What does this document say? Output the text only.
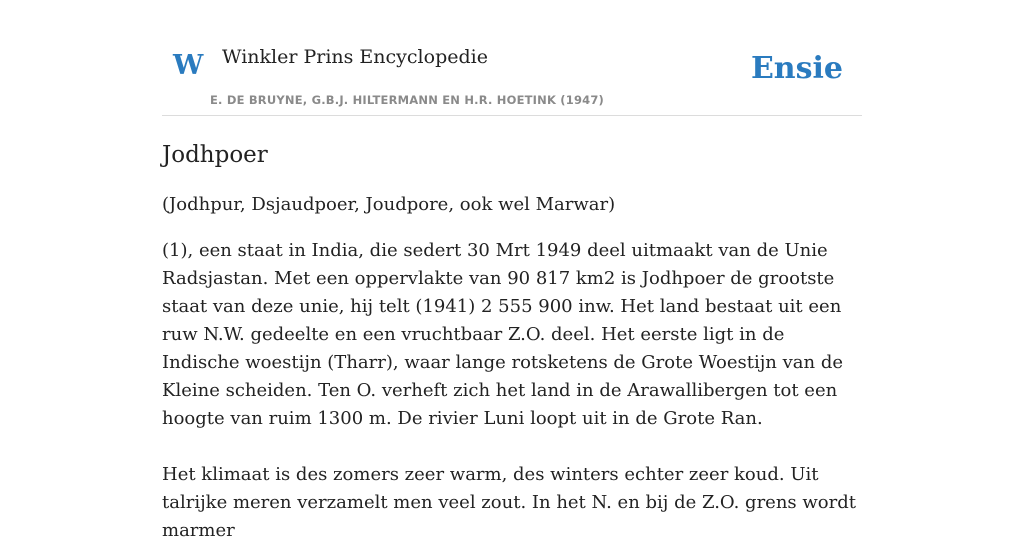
W Winkler Prins Encyclopedie
E. DE BRUYNE, G.B.J. HILTERMANN EN H.R. HOETINK (1947)
Ensie
Jodhpoer

(Jodhpur, Dsjaudpoer, Joudpore, ook wel Marwar)

(1), een staat in India, die sedert 30 Mrt 1949 deel uitmaakt van de Unie Radsjastan. Met een oppervlakte van 90 817 km2 is Jodhpoer de grootste staat van deze unie, hij telt (1941) 2 555 900 inw. Het land bestaat uit een ruw N.W. gedeelte en een vruchtbaar Z.O. deel. Het eerste ligt in de Indische woestijn (Tharr), waar lange rotsketens de Grote Woestijn van de Kleine scheiden. Ten O. verheft zich het land in de Arawallibergen tot een hoogte van ruim 1300 m. De rivier Luni loopt uit in de Grote Ran.

Het klimaat is des zomers zeer warm, des winters echter zeer koud. Uit talrijke meren verzamelt men veel zout. In het N. en bij de Z.O. grens wordt marmer
